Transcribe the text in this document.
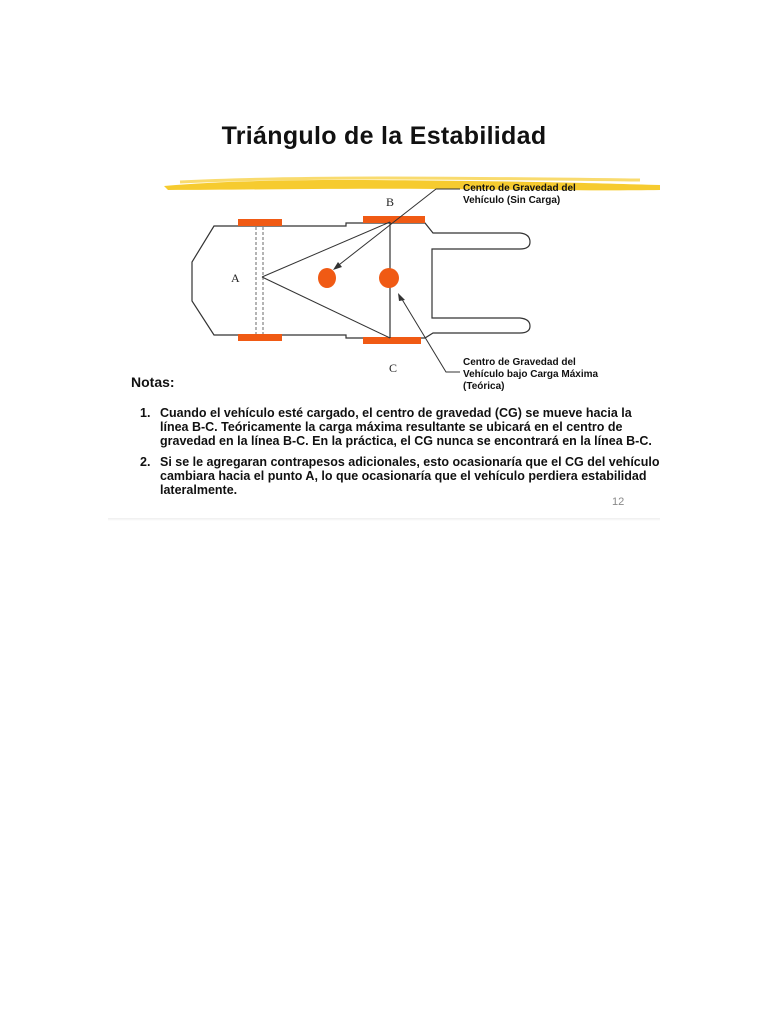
Triángulo de la Estabilidad
A
B
C
Centro de Gravedad del
Vehículo (Sin Carga)
Centro de Gravedad del
Vehículo bajo Carga Máxima
(Teórica)
Notas:
1. Cuando el vehículo esté cargado, el centro de gravedad (CG) se mueve hacia la línea B-C. Teóricamente la carga máxima resultante se ubicará en el centro de gravedad en la línea B-C. En la práctica, el CG nunca se encontrará en la línea B-C.
2. Si se le agregaran contrapesos adicionales, esto ocasionaría que el CG del vehículo cambiara hacia el punto A, lo que ocasionaría que el vehículo perdiera estabilidad lateralmente.
12
